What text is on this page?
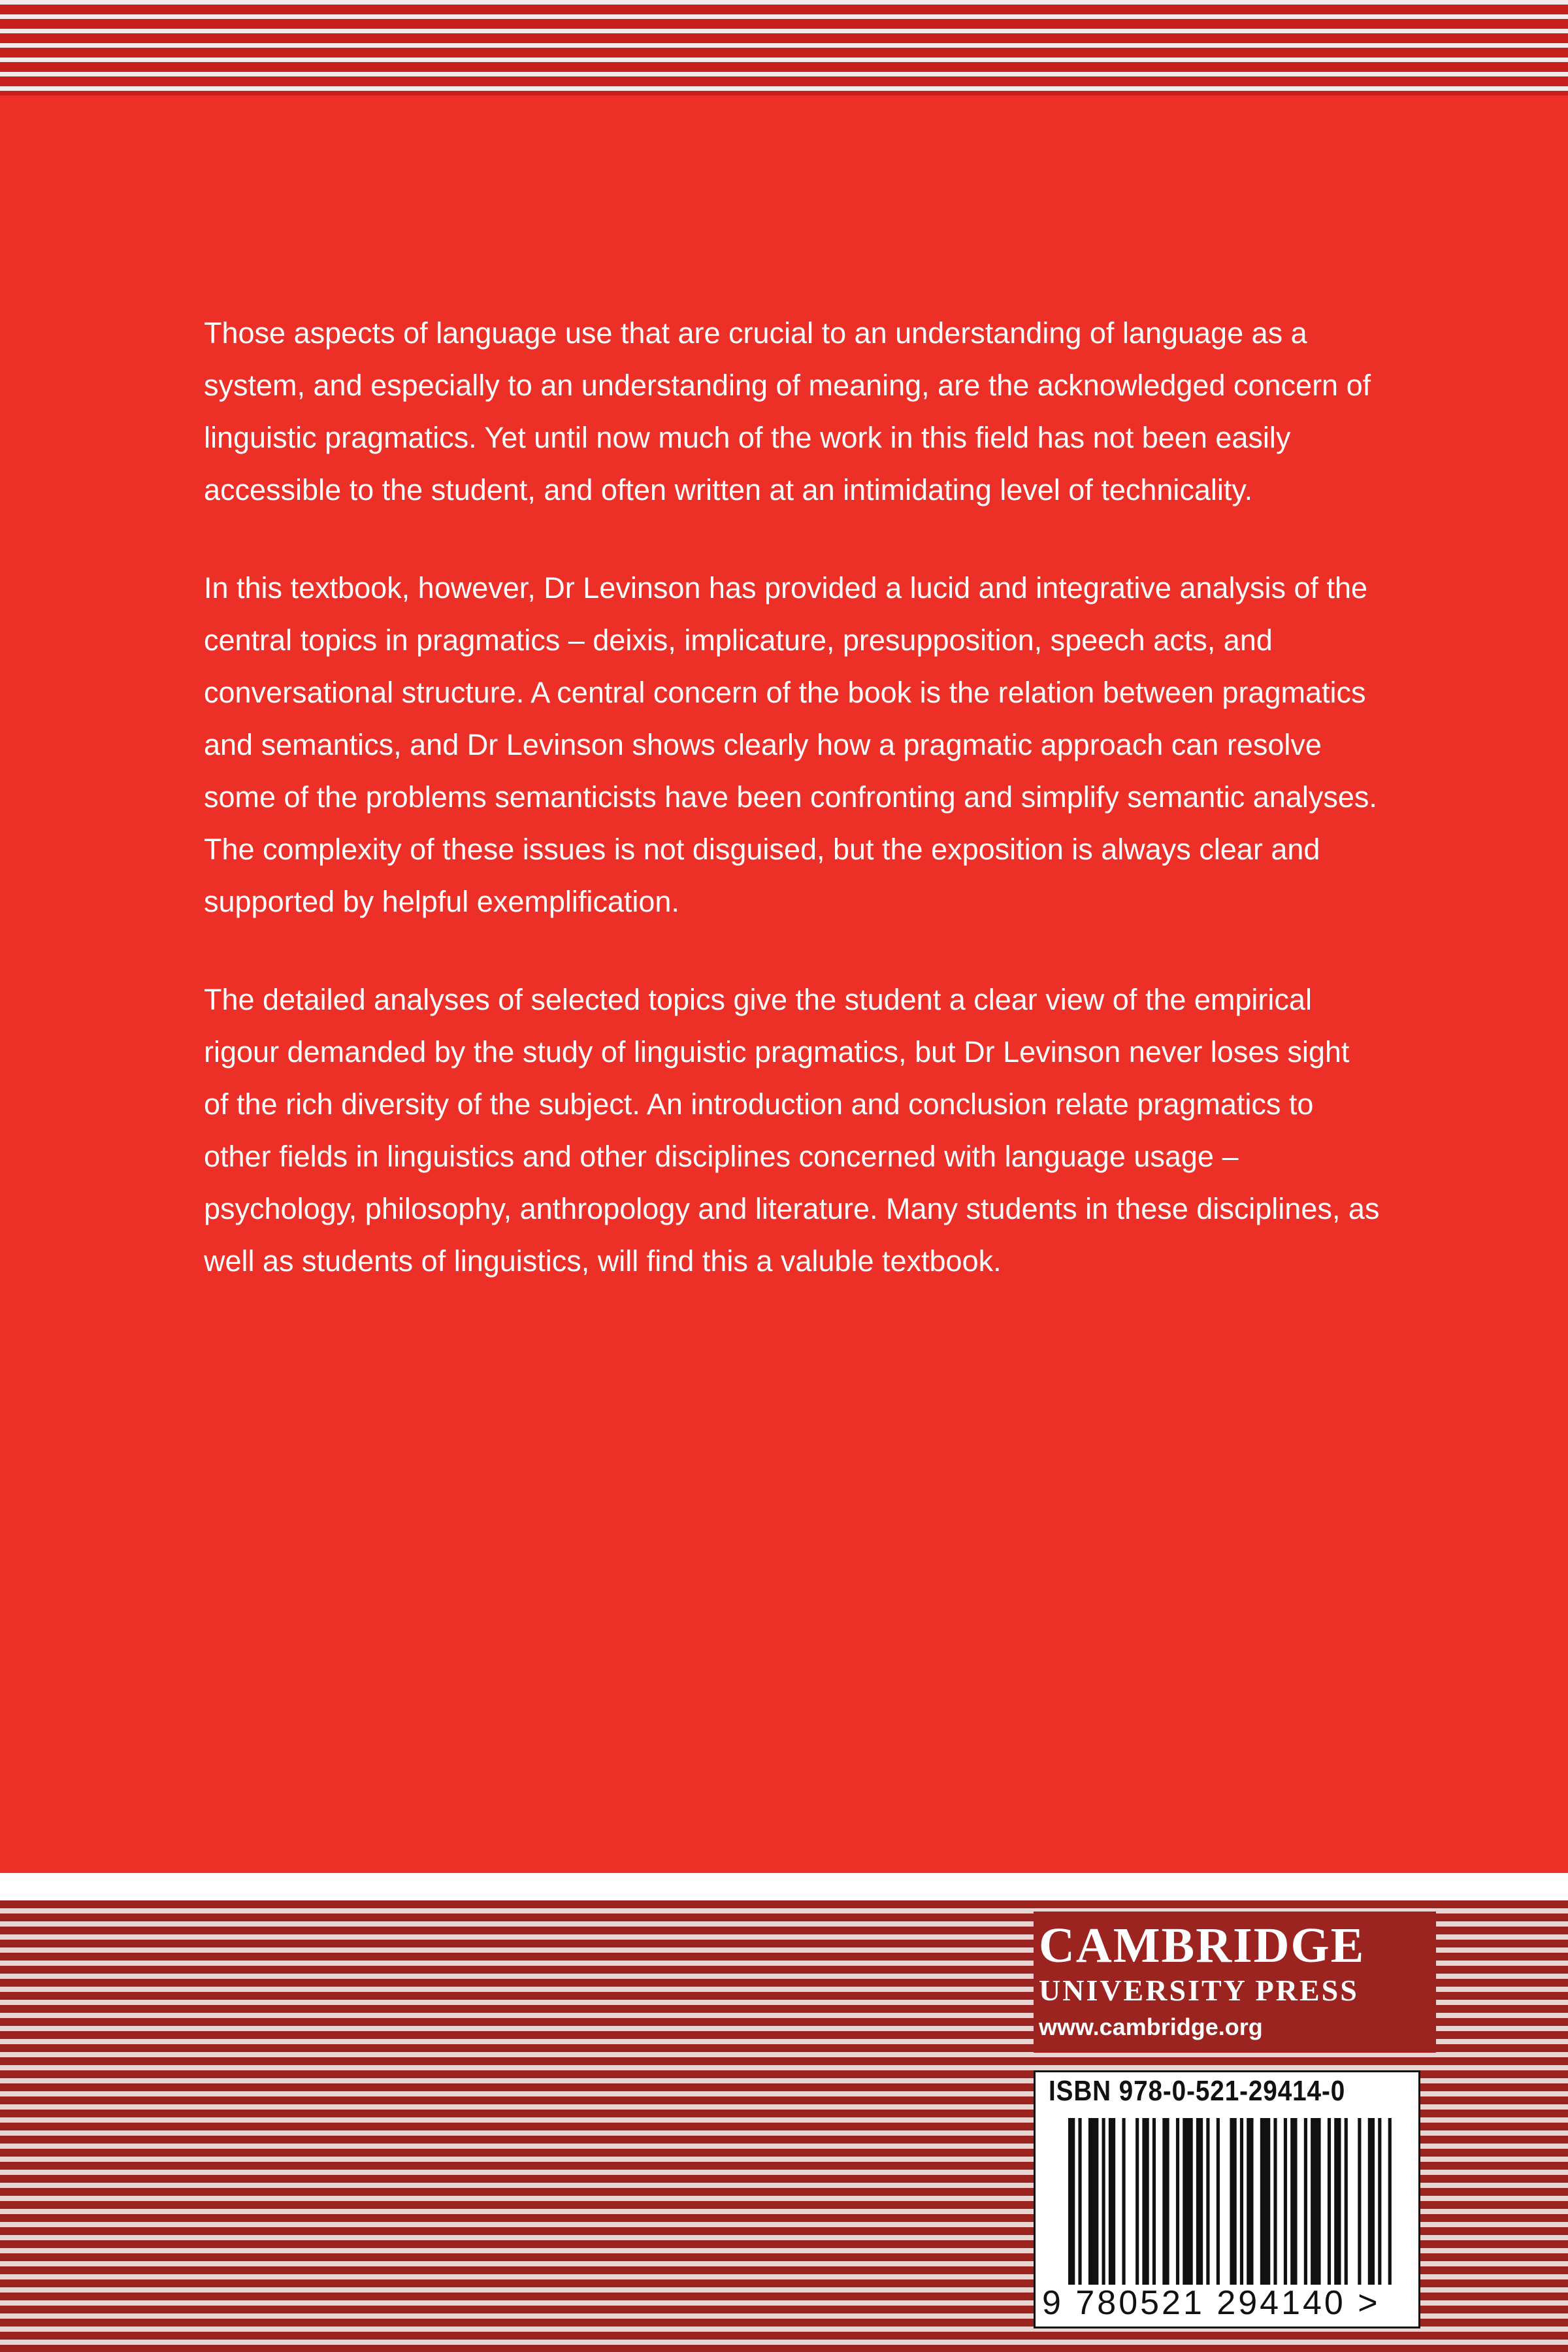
Those aspects of language use that are crucial to an understanding of language as a system, and especially to an understanding of meaning, are the acknowledged concern of linguistic pragmatics. Yet until now much of the work in this field has not been easily accessible to the student, and often written at an intimidating level of technicality.

In this textbook, however, Dr Levinson has provided a lucid and integrative analysis of the central topics in pragmatics – deixis, implicature, presupposition, speech acts, and conversational structure. A central concern of the book is the relation between pragmatics and semantics, and Dr Levinson shows clearly how a pragmatic approach can resolve some of the problems semanticists have been confronting and simplify semantic analyses. The complexity of these issues is not disguised, but the exposition is always clear and supported by helpful exemplification.

The detailed analyses of selected topics give the student a clear view of the empirical rigour demanded by the study of linguistic pragmatics, but Dr Levinson never loses sight of the rich diversity of the subject. An introduction and conclusion relate pragmatics to other fields in linguistics and other disciplines concerned with language usage – psychology, philosophy, anthropology and literature. Many students in these disciplines, as well as students of linguistics, will find this a valuble textbook.

CAMBRIDGE
UNIVERSITY PRESS
www.cambridge.org
ISBN 978-0-521-29414-0
9 780521 294140 >
